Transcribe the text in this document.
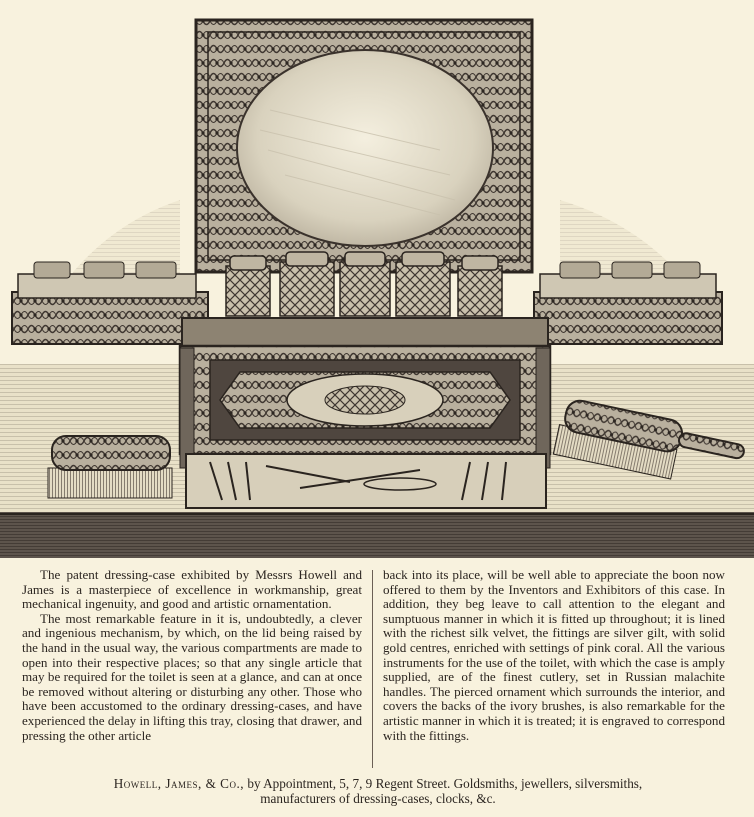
The patent dressing-case exhibited by Messrs Howell and James is a masterpiece of excellence in workmanship, great mechanical ingenuity, and good and artistic ornamentation.

The most remarkable feature in it is, undoubtedly, a clever and ingenious mechanism, by which, on the lid being raised by the hand in the usual way, the various compartments are made to open into their respective places; so that any single article that may be required for the toilet is seen at a glance, and can at once be removed without altering or disturbing any other. Those who have been accustomed to the ordinary dressing-cases, and have experienced the delay in lifting this tray, closing that drawer, and pressing the other article

back into its place, will be well able to appreciate the boon now offered to them by the Inventors and Exhibitors of this case. In addition, they beg leave to call attention to the elegant and sumptuous manner in which it is fitted up throughout; it is lined with the richest silk velvet, the fittings are silver gilt, with solid gold centres, enriched with settings of pink coral. All the various instruments for the use of the toilet, with which the case is amply supplied, are of the finest cutlery, set in Russian malachite handles. The pierced ornament which surrounds the interior, and covers the backs of the ivory brushes, is also remarkable for the artistic manner in which it is treated; it is engraved to correspond with the fittings.

Howell, James, & Co., by Appointment, 5, 7, 9 Regent Street. Goldsmiths, jewellers, silversmiths,
manufacturers of dressing-cases, clocks, &c.
